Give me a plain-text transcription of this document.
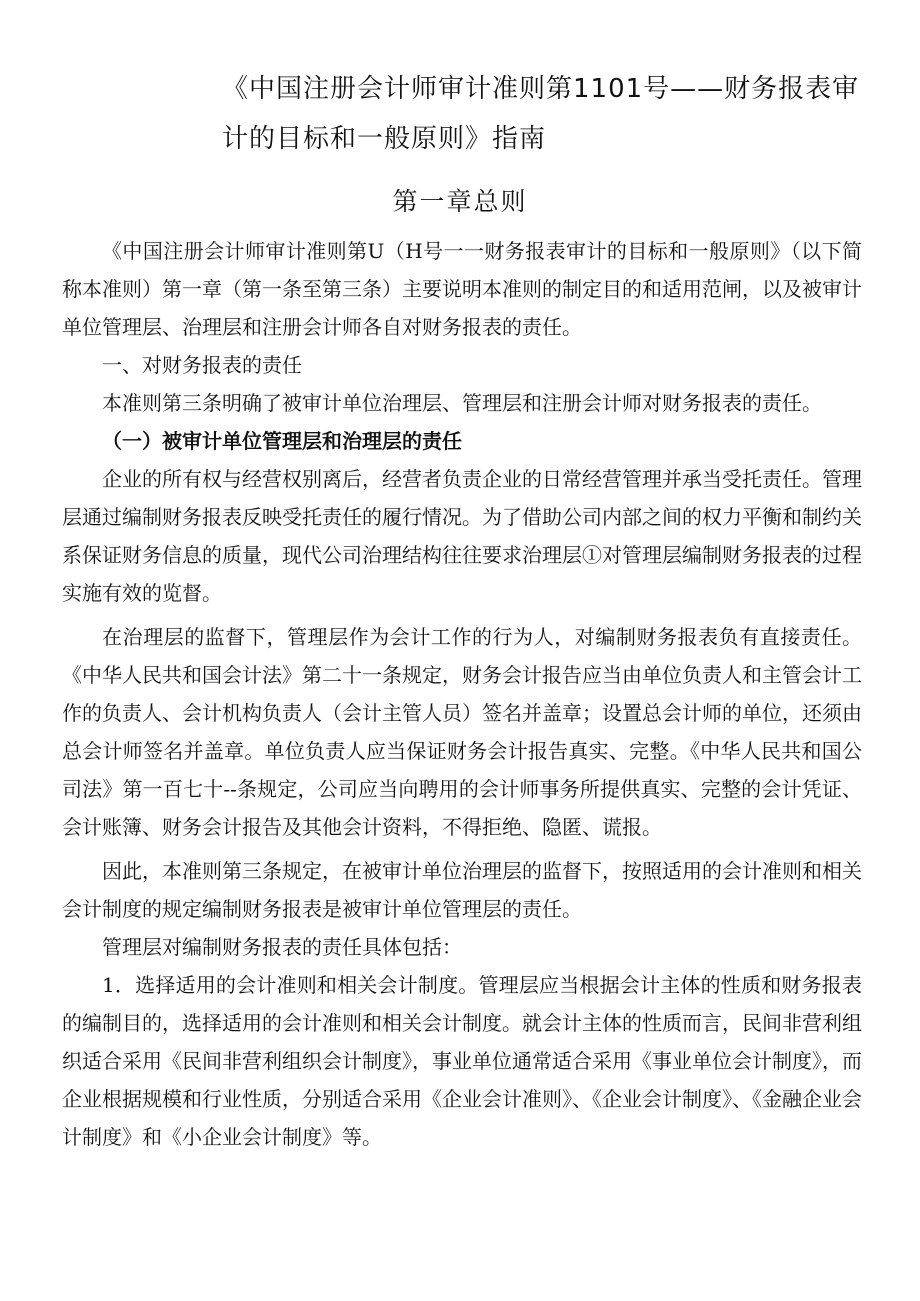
《中国注册会计师审计准则第1101号——财务报表审计的目标和一般原则》指南
第一章总则

《中国注册会计师审计准则第U（H号一一财务报表审计的目标和一般原则》（以下简称本准则）第一章（第一条至第三条）主要说明本准则的制定目的和适用范闸，以及被审计单位管理层、治理层和注册会计师各自对财务报表的责任。

一、对财务报表的责任

本准则第三条明确了被审计单位治理层、管理层和注册会计师对财务报表的责任。

（一）被审计单位管理层和治理层的责任

企业的所有权与经营权别离后，经营者负责企业的日常经营管理并承当受托责任。管理层通过编制财务报表反映受托责任的履行情况。为了借助公司内部之间的权力平衡和制约关系保证财务信息的质量，现代公司治理结构往往要求治理层①对管理层编制财务报表的过程实施有效的览督。

在治理层的监督下，管理层作为会计工作的行为人，对编制财务报表负有直接责任。《中华人民共和国会计法》第二十一条规定，财务会计报告应当由单位负责人和主管会计工作的负责人、会计机构负责人（会计主管人员）签名并盖章；设置总会计师的单位，还须由总会计师签名并盖章。单位负责人应当保证财务会计报告真实、完整。《中华人民共和国公司法》第一百七十--条规定，公司应当向聘用的会计师事务所提供真实、完整的会计凭证、会计账簿、财务会计报告及其他会计资料，不得拒绝、隐匿、谎报。

因此，本准则第三条规定，在被审计单位治理层的监督下，按照适用的会计准则和相关会计制度的规定编制财务报表是被审计单位管理层的责任。

管理层对编制财务报表的责任具体包括：

1．选择适用的会计准则和相关会计制度。管理层应当根据会计主体的性质和财务报表的编制目的，选择适用的会计准则和相关会计制度。就会计主体的性质而言，民间非营利组织适合采用《民间非营利组织会计制度》，事业单位通常适合采用《事业单位会计制度》，而企业根据规模和行业性质，分别适合采用《企业会计准则》、《企业会计制度》、《金融企业会计制度》和《小企业会计制度》等。
